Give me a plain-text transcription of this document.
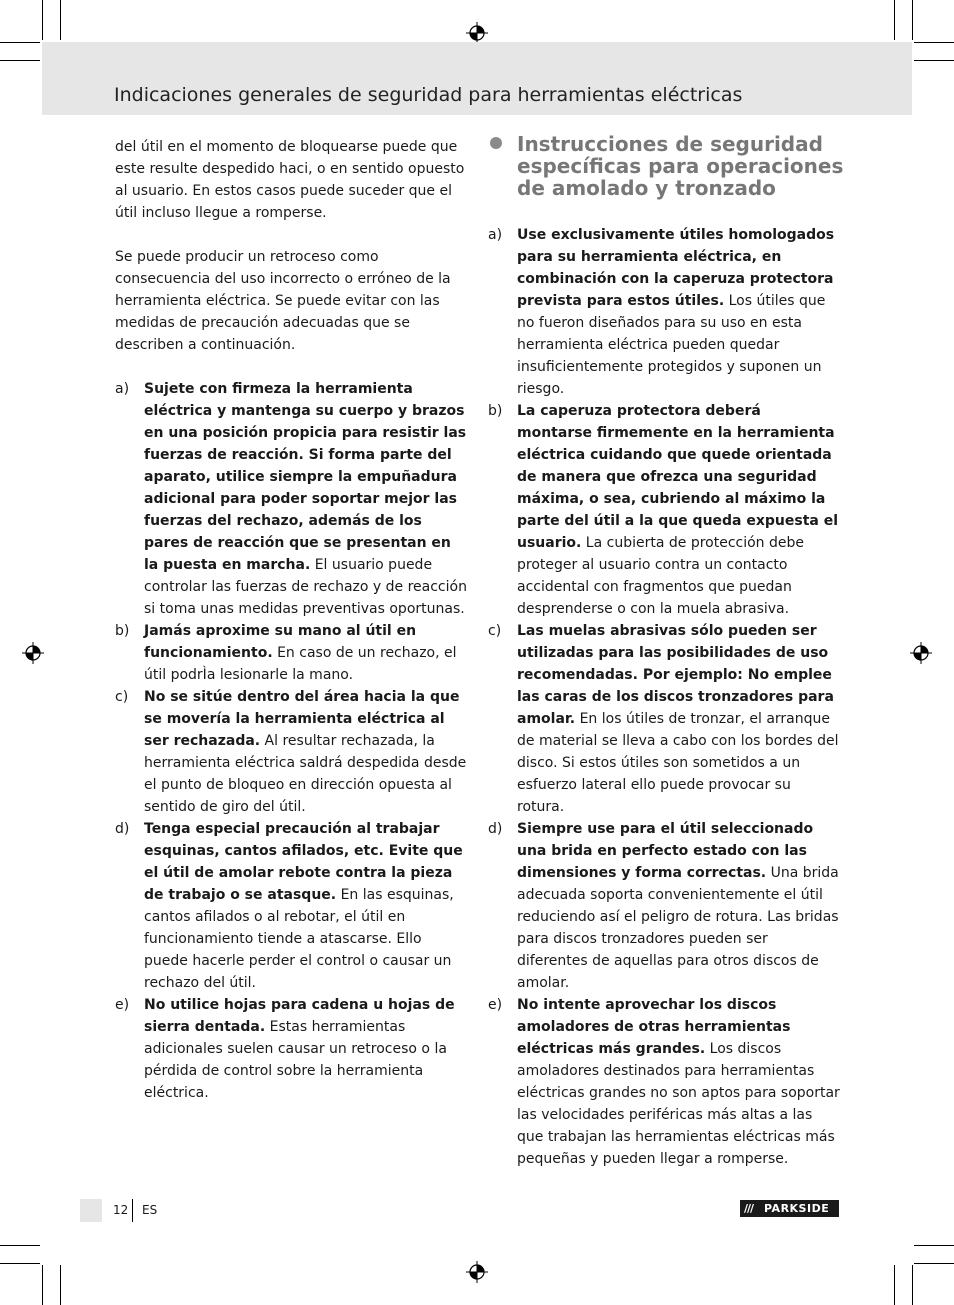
Indicaciones generales de seguridad para herramientas eléctricas

del útil en el momento de bloquearse puede que este resulte despedido haci, o en sentido opuesto al usuario. En estos casos puede suceder que el útil incluso llegue a romperse.

Se puede producir un retroceso como consecuencia del uso incorrecto o erróneo de la herramienta eléctrica. Se puede evitar con las medidas de precaución adecuadas que se describen a continuación.

a) Sujete con firmeza la herramienta eléctrica y mantenga su cuerpo y brazos en una posición propicia para resistir las fuerzas de reacción. Si forma parte del aparato, utilice siempre la empuñadura adicional para poder soportar mejor las fuerzas del rechazo, además de los pares de reacción que se presentan en la puesta en marcha. El usuario puede controlar las fuerzas de rechazo y de reacción si toma unas medidas preventivas oportunas.
b) Jamás aproxime su mano al útil en funcionamiento. En caso de un rechazo, el útil podrÌa lesionarle la mano.
c) No se sitúe dentro del área hacia la que se movería la herramienta eléctrica al ser rechazada. Al resultar rechazada, la herramienta eléctrica saldrá despedida desde el punto de bloqueo en dirección opuesta al sentido de giro del útil.
d) Tenga especial precaución al trabajar esquinas, cantos afilados, etc. Evite que el útil de amolar rebote contra la pieza de trabajo o se atasque. En las esquinas, cantos afilados o al rebotar, el útil en funcionamiento tiende a atascarse. Ello puede hacerle perder el control o causar un rechazo del útil.
e) No utilice hojas para cadena u hojas de sierra dentada. Estas herramientas adicionales suelen causar un retroceso o la pérdida de control sobre la herramienta eléctrica.
Instrucciones de seguridad específicas para operaciones de amolado y tronzado
a) Use exclusivamente útiles homologados para su herramienta eléctrica, en combinación con la caperuza protectora prevista para estos útiles. Los útiles que no fueron diseñados para su uso en esta herramienta eléctrica pueden quedar insuficientemente protegidos y suponen un riesgo.
b) La caperuza protectora deberá montarse firmemente en la herramienta eléctrica cuidando que quede orientada de manera que ofrezca una seguridad máxima, o sea, cubriendo al máximo la parte del útil a la que queda expuesta el usuario. La cubierta de protección debe proteger al usuario contra un contacto accidental con fragmentos que puedan desprenderse o con la muela abrasiva.
c) Las muelas abrasivas sólo pueden ser utilizadas para las posibilidades de uso recomendadas. Por ejemplo: No emplee las caras de los discos tronzadores para amolar. En los útiles de tronzar, el arranque de material se lleva a cabo con los bordes del disco. Si estos útiles son sometidos a un esfuerzo lateral ello puede provocar su rotura.
d) Siempre use para el útil seleccionado una brida en perfecto estado con las dimensiones y forma correctas. Una brida adecuada soporta convenientemente el útil reduciendo así el peligro de rotura. Las bridas para discos tronzadores pueden ser diferentes de aquellas para otros discos de amolar.
e) No intente aprovechar los discos amoladores de otras herramientas eléctricas más grandes. Los discos amoladores destinados para herramientas eléctricas grandes no son aptos para soportar las velocidades periféricas más altas a las que trabajan las herramientas eléctricas más pequeñas y pueden llegar a romperse.
12 ES	/// PARKSIDE
